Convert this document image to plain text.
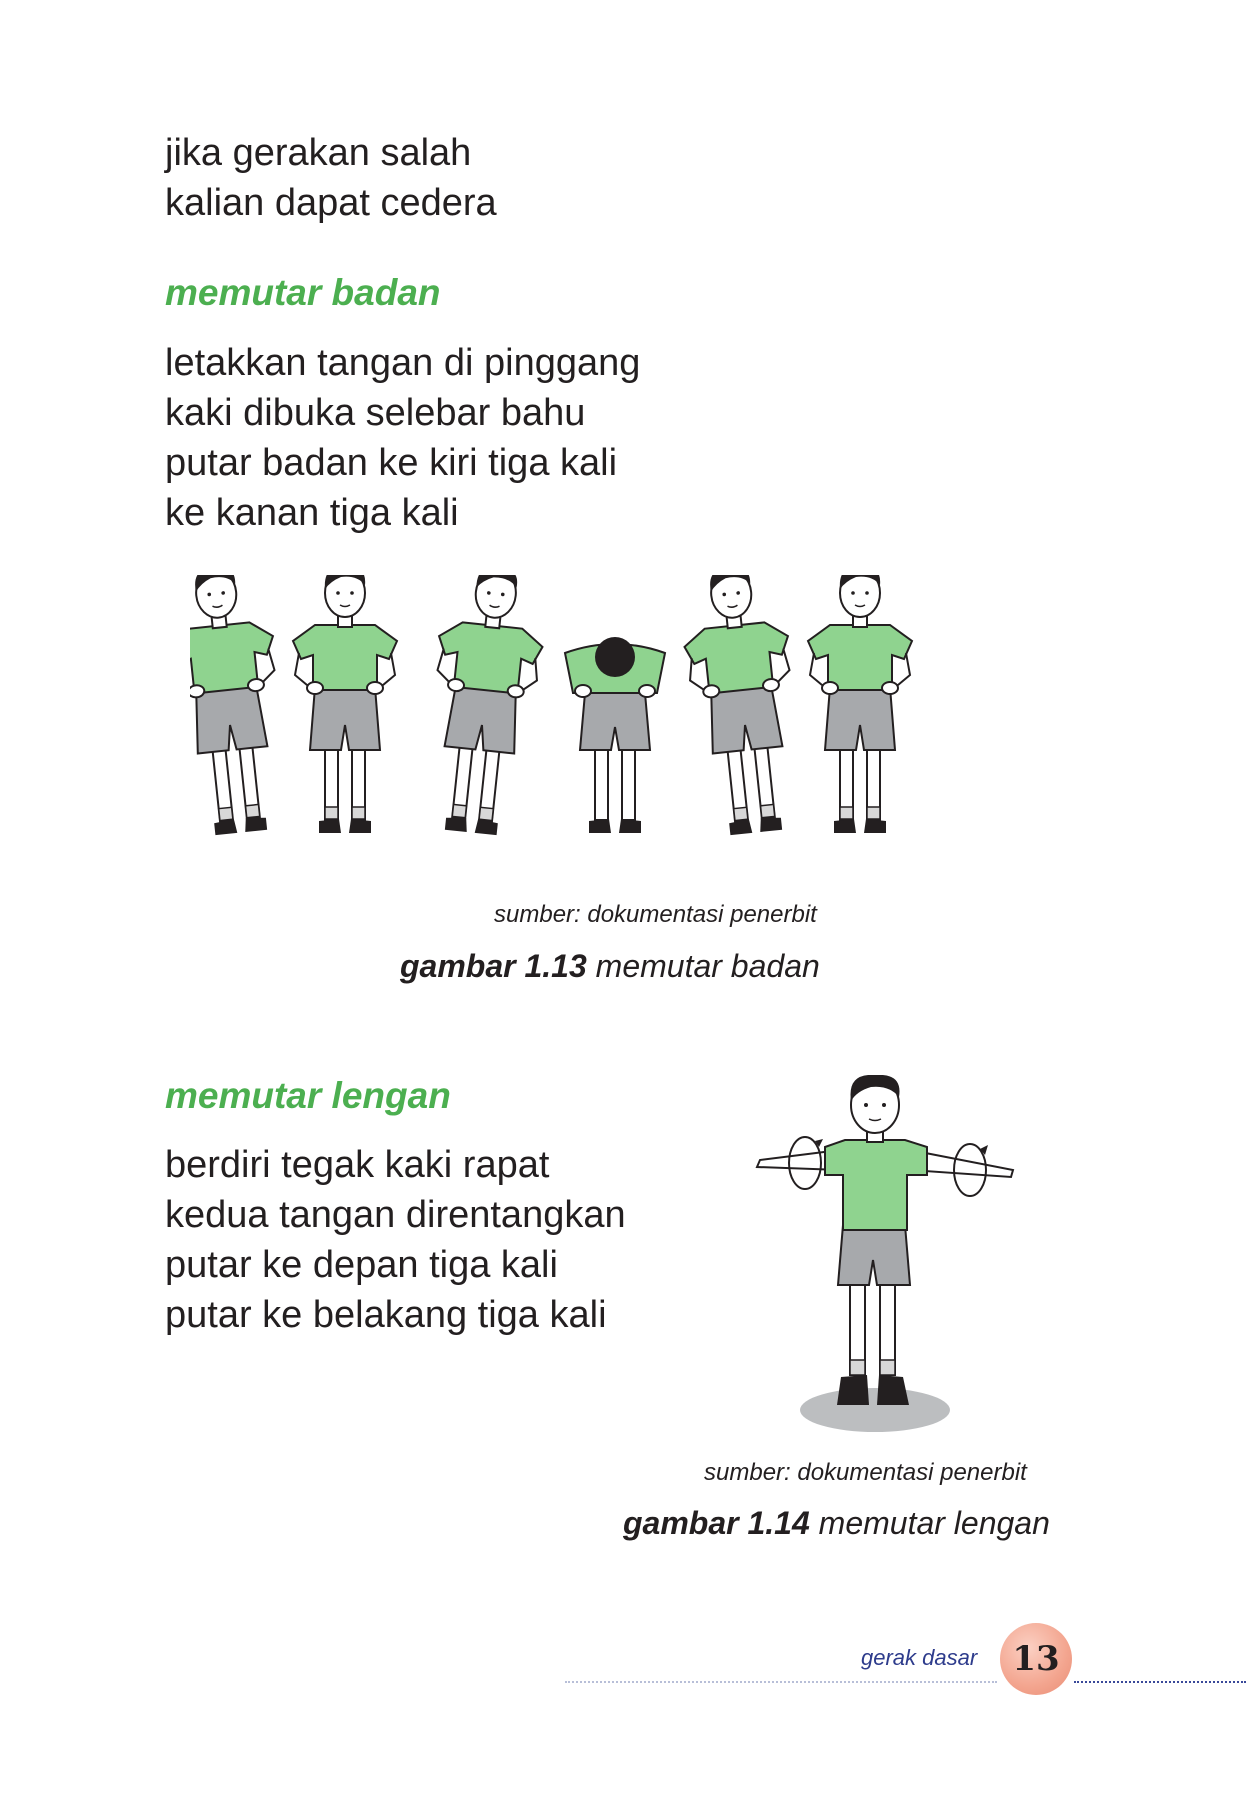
jika gerakan salah
kalian dapat cedera
memutar badan
letakkan tangan di pinggang
kaki dibuka selebar bahu
putar badan ke kiri tiga kali
ke kanan tiga kali
sumber: dokumentasi penerbit
gambar 1.13 memutar badan
memutar lengan
berdiri tegak kaki rapat
kedua tangan direntangkan
putar ke depan tiga kali
putar ke belakang tiga kali
sumber: dokumentasi penerbit
gambar 1.14 memutar lengan
gerak dasar 13
